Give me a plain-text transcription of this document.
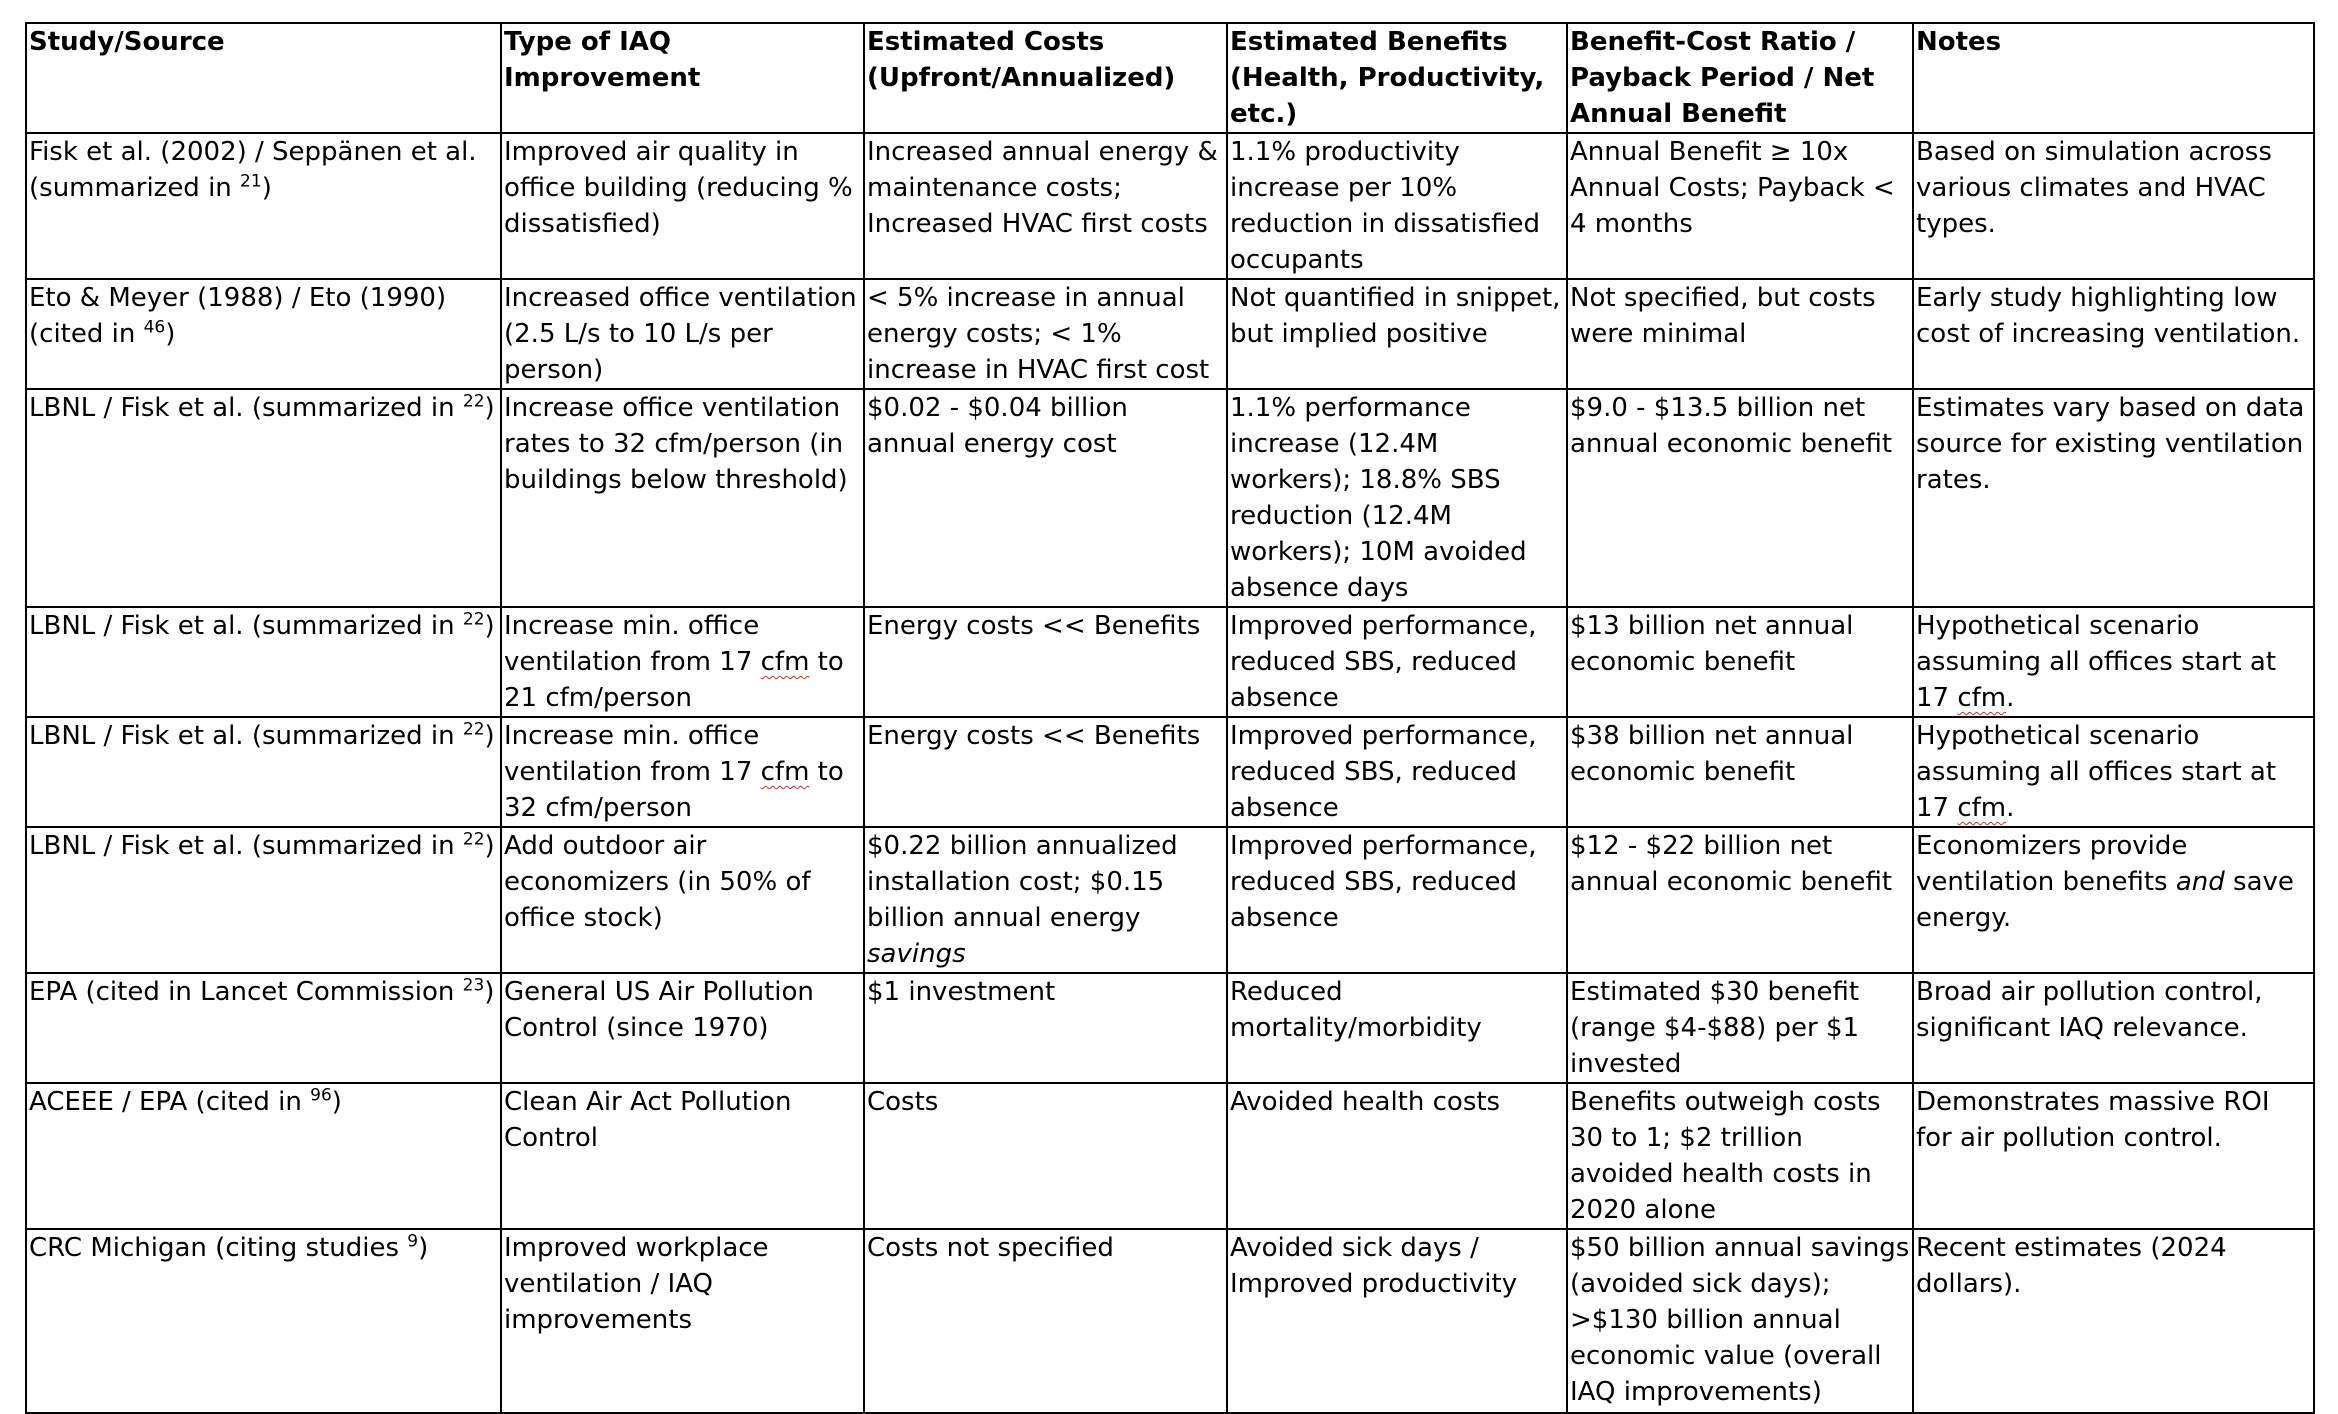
Study/Source	Type of IAQ Improvement	Estimated Costs (Upfront/Annualized)	Estimated Benefits (Health, Productivity, etc.)	Benefit-Cost Ratio / Payback Period / Net Annual Benefit	Notes
Fisk et al. (2002) / Seppänen et al. (summarized in $^{21}$)	Improved air quality in office building (reducing % dissatisfied)	Increased annual energy & maintenance costs; Increased HVAC first costs	1.1% productivity increase per 10% reduction in dissatisfied occupants	Annual Benefit ≥ 10x Annual Costs; Payback < 4 months	Based on simulation across various climates and HVAC types.
Eto & Meyer (1988) / Eto (1990) (cited in $^{46}$)	Increased office ventilation (2.5 L/s to 10 L/s per person)	< 5% increase in annual energy costs; < 1% increase in HVAC first cost	Not quantified in snippet, but implied positive	Not specified, but costs were minimal	Early study highlighting low cost of increasing ventilation.
LBNL / Fisk et al. (summarized in $^{22}$)	Increase office ventilation rates to 32 cfm/person (in buildings below threshold)	$0.02 - $0.04 billion annual energy cost	1.1% performance increase (12.4M workers); 18.8% SBS reduction (12.4M workers); 10M avoided absence days	$9.0 - $13.5 billion net annual economic benefit	Estimates vary based on data source for existing ventilation rates.
LBNL / Fisk et al. (summarized in $^{22}$)	Increase min. office ventilation from 17 cfm to 21 cfm/person	Energy costs << Benefits	Improved performance, reduced SBS, reduced absence	$13 billion net annual economic benefit	Hypothetical scenario assuming all offices start at 17 cfm.
LBNL / Fisk et al. (summarized in $^{22}$)	Increase min. office ventilation from 17 cfm to 32 cfm/person	Energy costs << Benefits	Improved performance, reduced SBS, reduced absence	$38 billion net annual economic benefit	Hypothetical scenario assuming all offices start at 17 cfm.
LBNL / Fisk et al. (summarized in $^{22}$)	Add outdoor air economizers (in 50% of office stock)	$0.22 billion annualized installation cost; $0.15 billion annual energy savings	Improved performance, reduced SBS, reduced absence	$12 - $22 billion net annual economic benefit	Economizers provide ventilation benefits and save energy.
EPA (cited in Lancet Commission $^{23}$)	General US Air Pollution Control (since 1970)	$1 investment	Reduced mortality/morbidity	Estimated $30 benefit (range $4-$88) per $1 invested	Broad air pollution control, significant IAQ relevance.
ACEEE / EPA (cited in $^{96}$)	Clean Air Act Pollution Control	Costs	Avoided health costs	Benefits outweigh costs 30 to 1; $2 trillion avoided health costs in 2020 alone	Demonstrates massive ROI for air pollution control.
CRC Michigan (citing studies $^9$)	Improved workplace ventilation / IAQ improvements	Costs not specified	Avoided sick days / Improved productivity	$50 billion annual savings (avoided sick days); >$130 billion annual economic value (overall IAQ improvements)	Recent estimates (2024 dollars).
